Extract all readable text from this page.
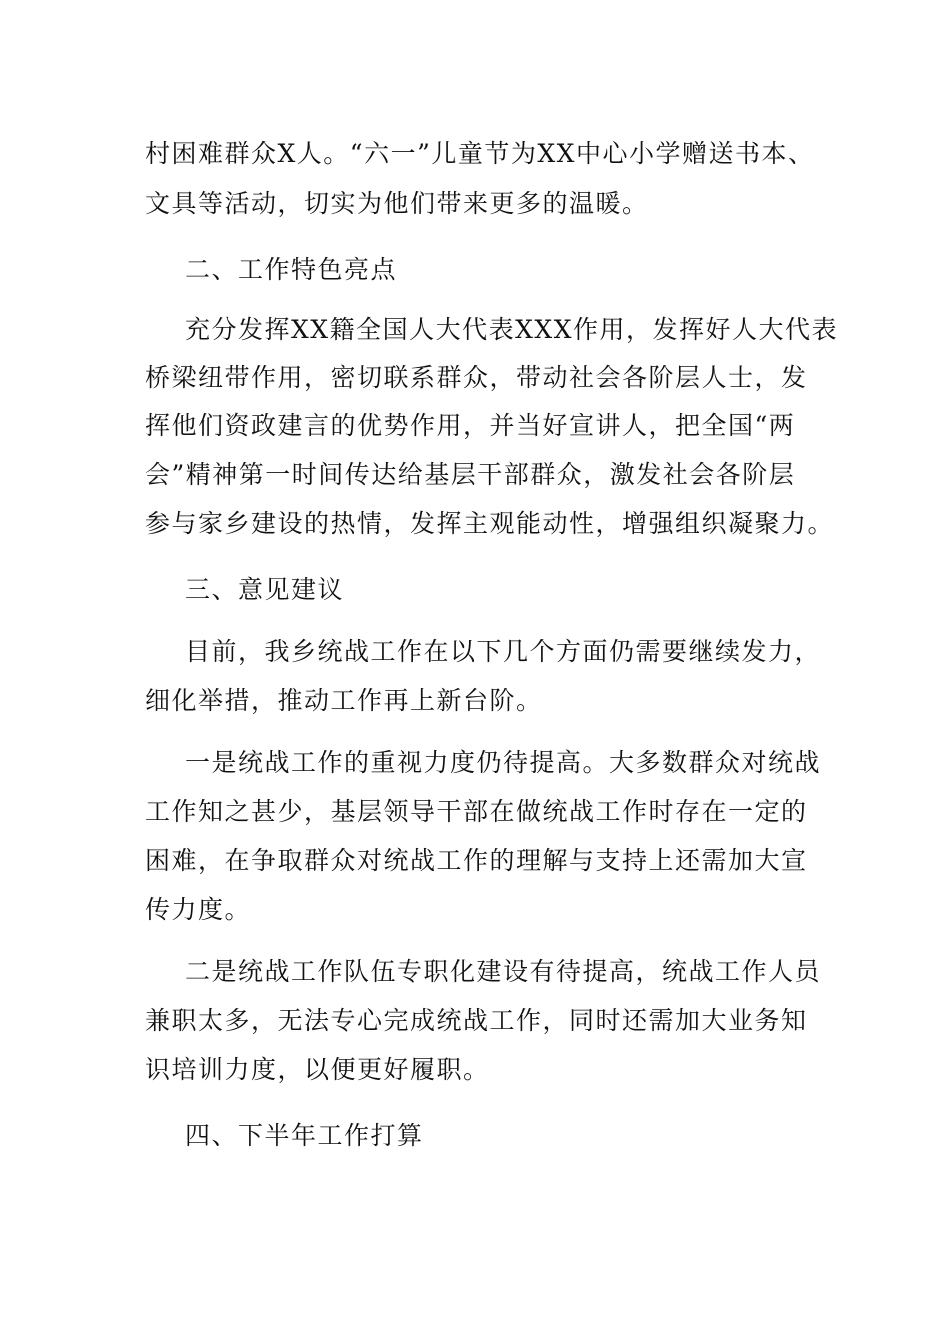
村困难群众X人。“六一”儿童节为XX中心小学赠送书本、
文具等活动，切实为他们带来更多的温暖。
二、工作特色亮点
充分发挥XX籍全国人大代表XXX作用，发挥好人大代表
桥梁纽带作用，密切联系群众，带动社会各阶层人士，发
挥他们资政建言的优势作用，并当好宣讲人，把全国“两
会”精神第一时间传达给基层干部群众，激发社会各阶层
参与家乡建设的热情，发挥主观能动性，增强组织凝聚力。
三、意见建议
目前，我乡统战工作在以下几个方面仍需要继续发力，
细化举措，推动工作再上新台阶。
一是统战工作的重视力度仍待提高。大多数群众对统战
工作知之甚少，基层领导干部在做统战工作时存在一定的
困难，在争取群众对统战工作的理解与支持上还需加大宣
传力度。
二是统战工作队伍专职化建设有待提高，统战工作人员
兼职太多，无法专心完成统战工作，同时还需加大业务知
识培训力度，以便更好履职。
四、下半年工作打算
